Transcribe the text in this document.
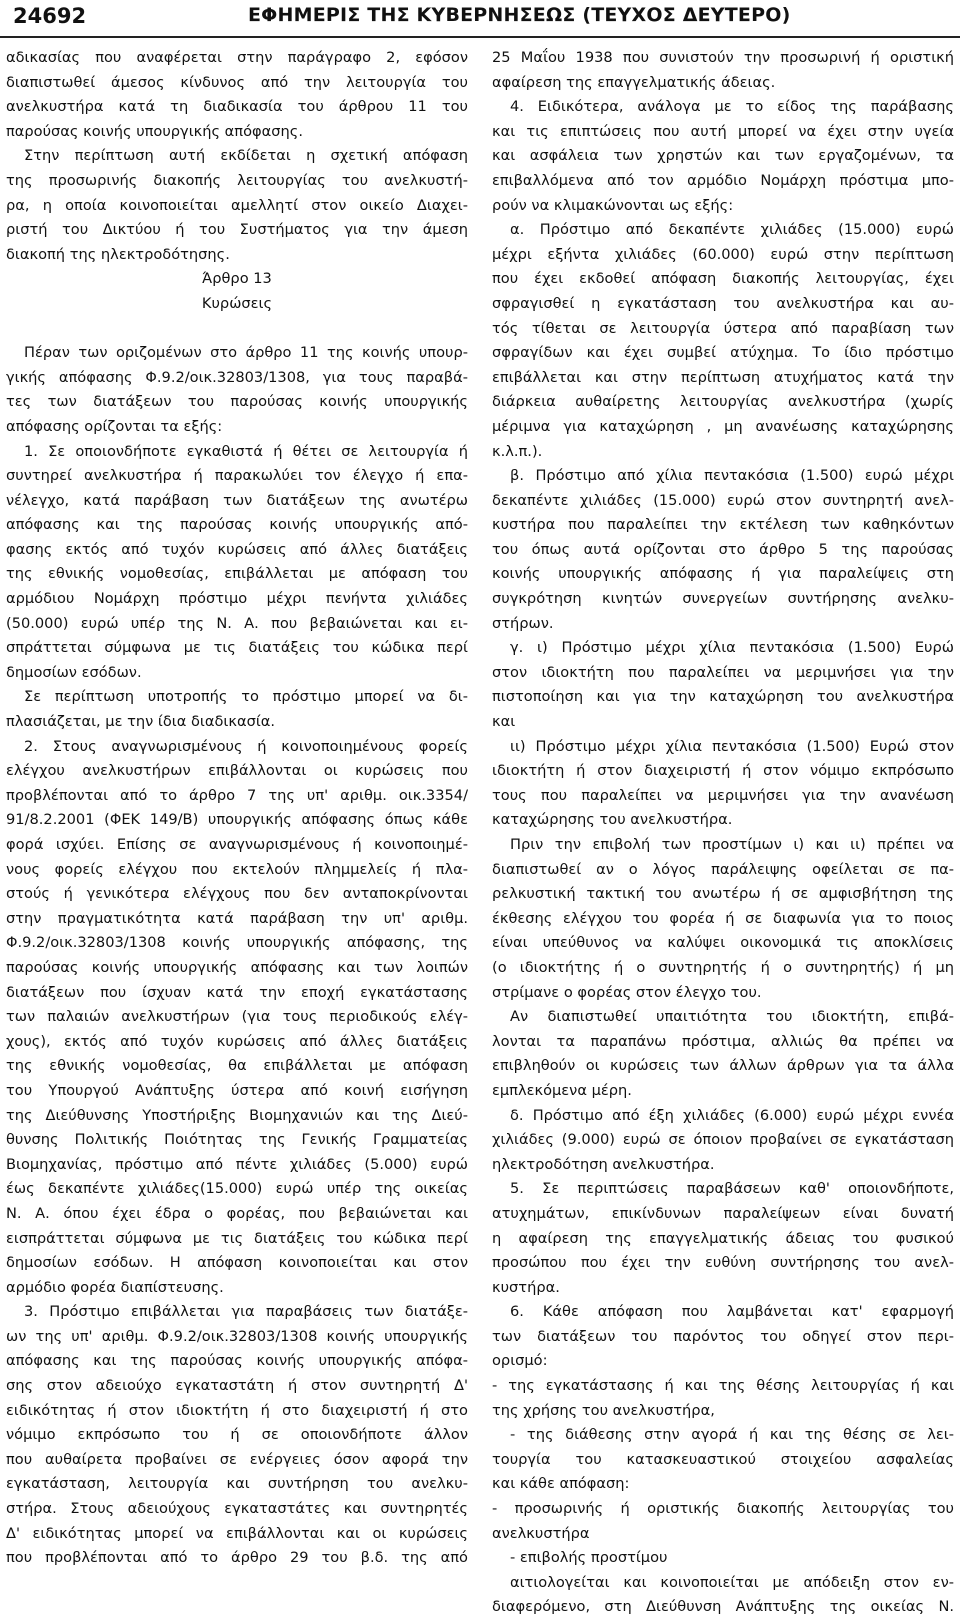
24692	ΕΦΗΜΕΡΙΣ ΤΗΣ ΚΥΒΕΡΝΗΣΕΩΣ (ΤΕΥΧΟΣ ΔΕΥΤΕΡΟ)
αδικασίας που αναφέρεται στην παράγραφο 2, εφόσον
διαπιστωθεί άμεσος κίνδυνος από την λειτουργία του
ανελκυστήρα κατά τη διαδικασία του άρθρου 11 του
παρούσας κοινής υπουργικής απόφασης.
Στην περίπτωση αυτή εκδίδεται η σχετική απόφαση
της προσωρινής διακοπής λειτουργίας του ανελκυστή-
ρα, η οποία κοινοποιείται αμελλητί στον οικείο Διαχει-
ριστή του Δικτύου ή του Συστήματος για την άμεση
διακοπή της ηλεκτροδότησης.
Άρθρο 13
Κυρώσεις
Πέραν των οριζομένων στο άρθρο 11 της κοινής υπουρ-
γικής απόφασης Φ.9.2/οικ.32803/1308, για τους παραβά-
τες των διατάξεων του παρούσας κοινής υπουργικής
απόφασης ορίζονται τα εξής:
1. Σε οποιονδήποτε εγκαθιστά ή θέτει σε λειτουργία ή
συντηρεί ανελκυστήρα ή παρακωλύει τον έλεγχο ή επα-
νέλεγχο, κατά παράβαση των διατάξεων της ανωτέρω
απόφασης και της παρούσας κοινής υπουργικής από-
φασης εκτός από τυχόν κυρώσεις από άλλες διατάξεις
της εθνικής νομοθεσίας, επιβάλλεται με απόφαση του
αρμόδιου Νομάρχη πρόστιμο μέχρι πενήντα χιλιάδες
(50.000) ευρώ υπέρ της Ν. Α. που βεβαιώνεται και ει-
σπράττεται σύμφωνα με τις διατάξεις του κώδικα περί
δημοσίων εσόδων.
Σε περίπτωση υποτροπής το πρόστιμο μπορεί να δι-
πλασιάζεται, με την ίδια διαδικασία.
2. Στους αναγνωρισμένους ή κοινοποιημένους φορείς
ελέγχου ανελκυστήρων επιβάλλονται οι κυρώσεις που
προβλέπονται από το άρθρο 7 της υπ' αριθμ. οικ.3354/
91/8.2.2001 (ΦΕΚ 149/Β) υπουργικής απόφασης όπως κάθε
φορά ισχύει. Επίσης σε αναγνωρισμένους ή κοινοποιημέ-
νους φορείς ελέγχου που εκτελούν πλημμελείς ή πλα-
στούς ή γενικότερα ελέγχους που δεν ανταποκρίνονται
στην πραγματικότητα κατά παράβαση την υπ' αριθμ.
Φ.9.2/οικ.32803/1308 κοινής υπουργικής απόφασης, της
παρούσας κοινής υπουργικής απόφασης και των λοιπών
διατάξεων που ίσχυαν κατά την εποχή εγκατάστασης
των παλαιών ανελκυστήρων (για τους περιοδικούς ελέγ-
χους), εκτός από τυχόν κυρώσεις από άλλες διατάξεις
της εθνικής νομοθεσίας, θα επιβάλλεται με απόφαση
του Υπουργού Ανάπτυξης ύστερα από κοινή εισήγηση
της Διεύθυνσης Υποστήριξης Βιομηχανιών και της Διεύ-
θυνσης Πολιτικής Ποιότητας της Γενικής Γραμματείας
Βιομηχανίας, πρόστιμο από πέντε χιλιάδες (5.000) ευρώ
έως δεκαπέντε χιλιάδες(15.000) ευρώ υπέρ της οικείας
Ν. Α. όπου έχει έδρα ο φορέας, που βεβαιώνεται και
εισπράττεται σύμφωνα με τις διατάξεις του κώδικα περί
δημοσίων εσόδων. Η απόφαση κοινοποιείται και στον
αρμόδιο φορέα διαπίστευσης.
3. Πρόστιμο επιβάλλεται για παραβάσεις των διατάξε-
ων της υπ' αριθμ. Φ.9.2/οικ.32803/1308 κοινής υπουργικής
απόφασης και της παρούσας κοινής υπουργικής απόφα-
σης στον αδειούχο εγκαταστάτη ή στον συντηρητή Δ'
ειδικότητας ή στον ιδιοκτήτη ή στο διαχειριστή ή στο
νόμιμο εκπρόσωπο του ή σε οποιονδήποτε άλλον
που αυθαίρετα προβαίνει σε ενέργειες όσον αφορά την
εγκατάσταση, λειτουργία και συντήρηση του ανελκυ-
στήρα. Στους αδειούχους εγκαταστάτες και συντηρητές
Δ' ειδικότητας μπορεί να επιβάλλονται και οι κυρώσεις
που προβλέπονται από το άρθρο 29 του β.δ. της από
25 Μαΐου 1938 που συνιστούν την προσωρινή ή οριστική
αφαίρεση της επαγγελματικής άδειας.
4. Ειδικότερα, ανάλογα με το είδος της παράβασης
και τις επιπτώσεις που αυτή μπορεί να έχει στην υγεία
και ασφάλεια των χρηστών και των εργαζομένων, τα
επιβαλλόμενα από τον αρμόδιο Νομάρχη πρόστιμα μπο-
ρούν να κλιμακώνονται ως εξής:
α. Πρόστιμο από δεκαπέντε χιλιάδες (15.000) ευρώ
μέχρι εξήντα χιλιάδες (60.000) ευρώ στην περίπτωση
που έχει εκδοθεί απόφαση διακοπής λειτουργίας, έχει
σφραγισθεί η εγκατάσταση του ανελκυστήρα και αυ-
τός τίθεται σε λειτουργία ύστερα από παραβίαση των
σφραγίδων και έχει συμβεί ατύχημα. Το ίδιο πρόστιμο
επιβάλλεται και στην περίπτωση ατυχήματος κατά την
διάρκεια αυθαίρετης λειτουργίας ανελκυστήρα (χωρίς
μέριμνα για καταχώρηση , μη ανανέωσης καταχώρησης
κ.λ.π.).
β. Πρόστιμο από χίλια πεντακόσια (1.500) ευρώ μέχρι
δεκαπέντε χιλιάδες (15.000) ευρώ στον συντηρητή ανελ-
κυστήρα που παραλείπει την εκτέλεση των καθηκόντων
του όπως αυτά ορίζονται στο άρθρο 5 της παρούσας
κοινής υπουργικής απόφασης ή για παραλείψεις στη
συγκρότηση κινητών συνεργείων συντήρησης ανελκυ-
στήρων.
γ. ι) Πρόστιμο μέχρι χίλια πεντακόσια (1.500) Ευρώ
στον ιδιοκτήτη που παραλείπει να μεριμνήσει για την
πιστοποίηση και για την καταχώρηση του ανελκυστήρα
και
ιι) Πρόστιμο μέχρι χίλια πεντακόσια (1.500) Ευρώ στον
ιδιοκτήτη ή στον διαχειριστή ή στον νόμιμο εκπρόσωπο
τους που παραλείπει να μεριμνήσει για την ανανέωση
καταχώρησης του ανελκυστήρα.
Πριν την επιβολή των προστίμων ι) και ιι) πρέπει να
διαπιστωθεί αν ο λόγος παράλειψης οφείλεται σε πα-
ρελκυστική τακτική του ανωτέρω ή σε αμφισβήτηση της
έκθεσης ελέγχου του φορέα ή σε διαφωνία για το ποιος
είναι υπεύθυνος να καλύψει οικονομικά τις αποκλίσεις
(ο ιδιοκτήτης ή ο συντηρητής ή ο συντηρητής) ή μη
στρίμανε ο φορέας στον έλεγχο του.
Αν διαπιστωθεί υπαιτιότητα του ιδιοκτήτη, επιβά-
λονται τα παραπάνω πρόστιμα, αλλιώς θα πρέπει να
επιβληθούν οι κυρώσεις των άλλων άρθρων για τα άλλα
εμπλεκόμενα μέρη.
δ. Πρόστιμο από έξη χιλιάδες (6.000) ευρώ μέχρι εννέα
χιλιάδες (9.000) ευρώ σε όποιον προβαίνει σε εγκατάσταση
ηλεκτροδότηση ανελκυστήρα.
5. Σε περιπτώσεις παραβάσεων καθ' οποιονδήποτε,
ατυχημάτων, επικίνδυνων παραλείψεων είναι δυνατή
η αφαίρεση της επαγγελματικής άδειας του φυσικού
προσώπου που έχει την ευθύνη συντήρησης του ανελ-
κυστήρα.
6. Κάθε απόφαση που λαμβάνεται κατ' εφαρμογή
των διατάξεων του παρόντος του οδηγεί στον περι-
ορισμό:
- της εγκατάστασης ή και της θέσης λειτουργίας ή και
της χρήσης του ανελκυστήρα,
- της διάθεσης στην αγορά ή και της θέσης σε λει-
τουργία του κατασκευαστικού στοιχείου ασφαλείας
και κάθε απόφαση:
- προσωρινής ή οριστικής διακοπής λειτουργίας του
ανελκυστήρα
- επιβολής προστίμου
αιτιολογείται και κοινοποιείται με απόδειξη στον εν-
διαφερόμενο, στη Διεύθυνση Ανάπτυξης της οικείας Ν.
